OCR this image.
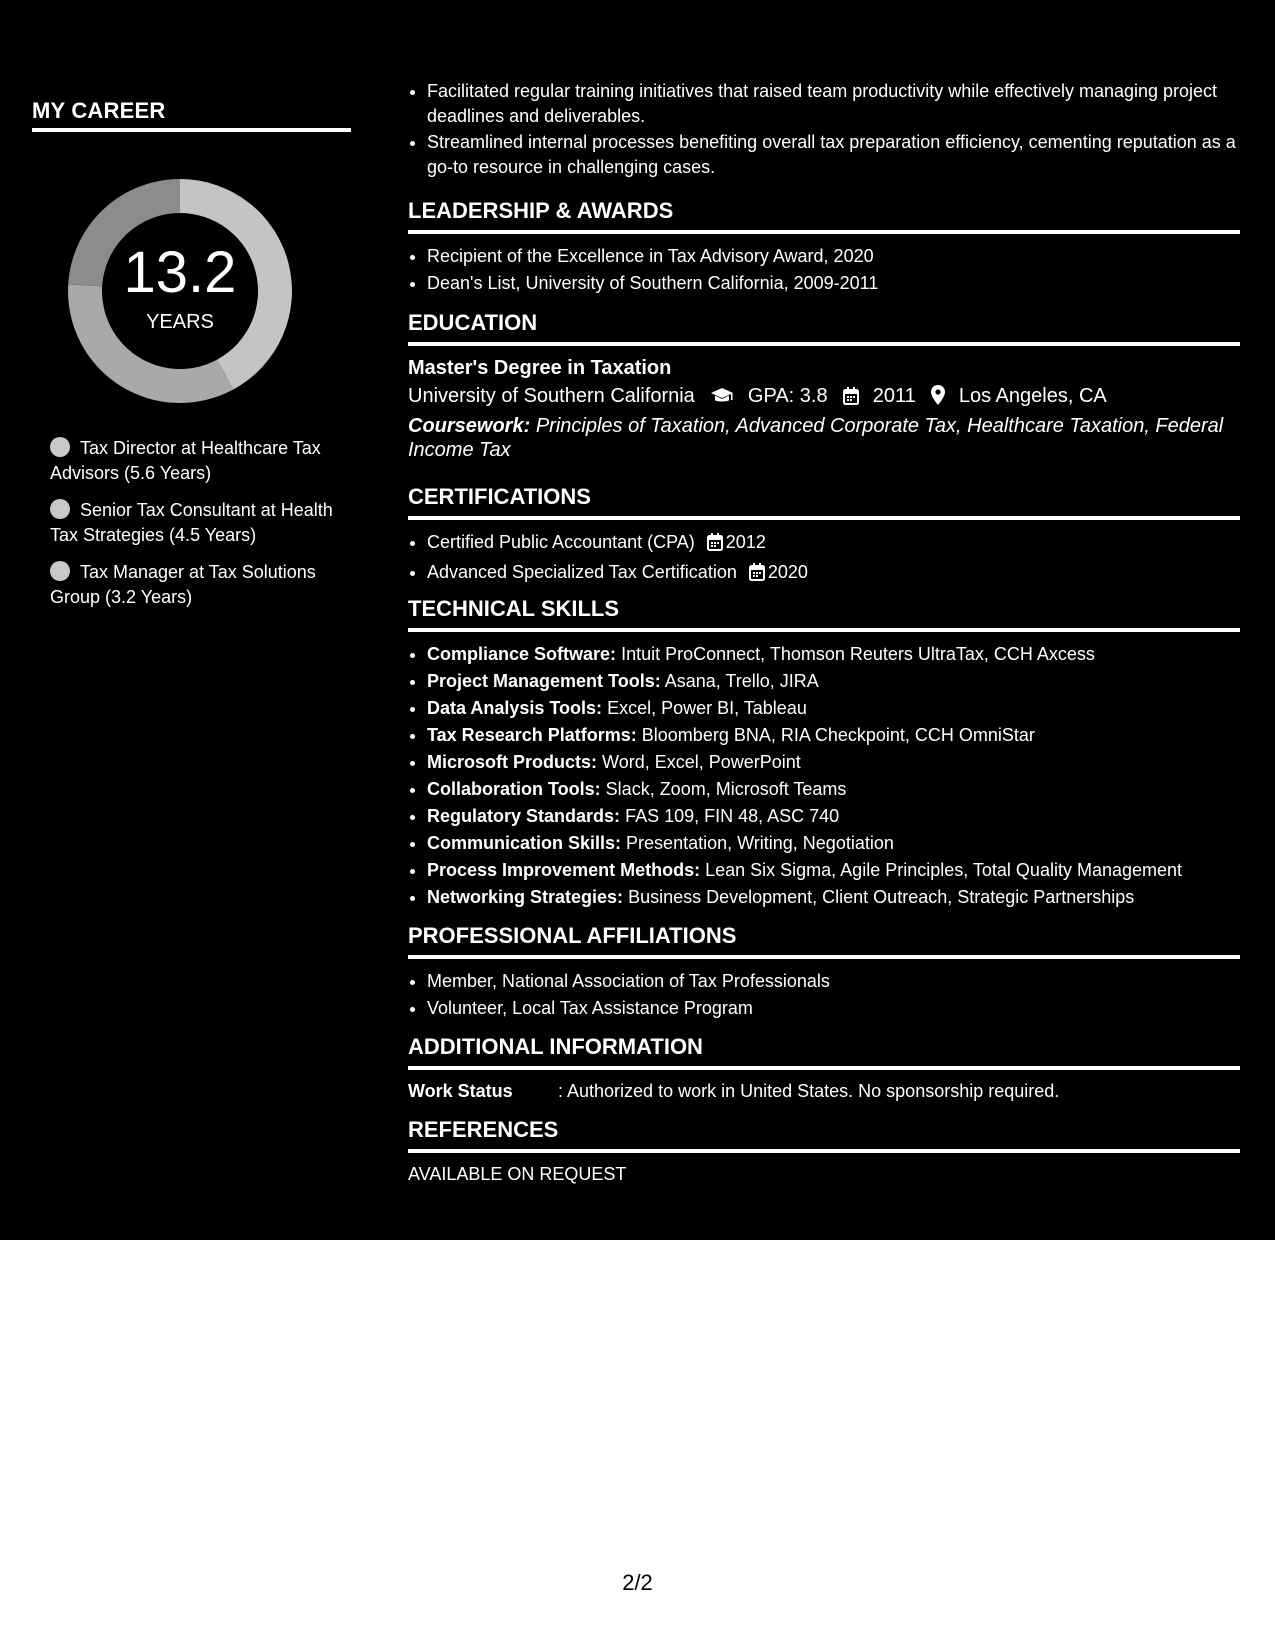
MY CAREER
13.2
YEARS
Tax Director at Healthcare Tax Advisors (5.6 Years)
Senior Tax Consultant at Health Tax Strategies (4.5 Years)
Tax Manager at Tax Solutions Group (3.2 Years)
• Facilitated regular training initiatives that raised team productivity while effectively managing project deadlines and deliverables.
• Streamlined internal processes benefiting overall tax preparation efficiency, cementing reputation as a go-to resource in challenging cases.
LEADERSHIP & AWARDS
• Recipient of the Excellence in Tax Advisory Award, 2020
• Dean's List, University of Southern California, 2009-2011
EDUCATION
Master's Degree in Taxation
University of Southern California	GPA: 3.8 2011 Los Angeles, CA
Coursework: Principles of Taxation, Advanced Corporate Tax, Healthcare Taxation, Federal Income Tax
CERTIFICATIONS
• Certified Public Accountant (CPA) 2012
• Advanced Specialized Tax Certification 2020
TECHNICAL SKILLS
• Compliance Software: Intuit ProConnect, Thomson Reuters UltraTax, CCH Axcess
• Project Management Tools: Asana, Trello, JIRA
• Data Analysis Tools: Excel, Power BI, Tableau
• Tax Research Platforms: Bloomberg BNA, RIA Checkpoint, CCH OmniStar
• Microsoft Products: Word, Excel, PowerPoint
• Collaboration Tools: Slack, Zoom, Microsoft Teams
• Regulatory Standards: FAS 109, FIN 48, ASC 740
• Communication Skills: Presentation, Writing, Negotiation
• Process Improvement Methods: Lean Six Sigma, Agile Principles, Total Quality Management
• Networking Strategies: Business Development, Client Outreach, Strategic Partnerships
PROFESSIONAL AFFILIATIONS
• Member, National Association of Tax Professionals
• Volunteer, Local Tax Assistance Program
ADDITIONAL INFORMATION
Work Status	: Authorized to work in United States. No sponsorship required.
REFERENCES
AVAILABLE ON REQUEST
2/2
